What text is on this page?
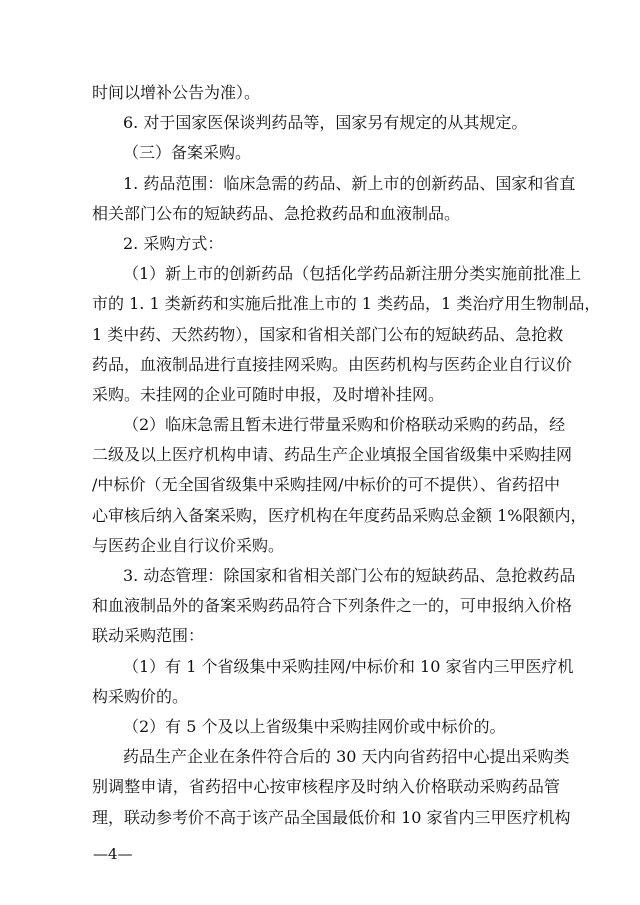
时间以增补公告为准）。
6. 对于国家医保谈判药品等，国家另有规定的从其规定。
（三）备案采购。
1. 药品范围：临床急需的药品、新上市的创新药品、国家和省直
相关部门公布的短缺药品、急抢救药品和血液制品。
2. 采购方式：
（1）新上市的创新药品（包括化学药品新注册分类实施前批准上
市的 1. 1 类新药和实施后批准上市的 1 类药品，1 类治疗用生物制品，
1 类中药、天然药物），国家和省相关部门公布的短缺药品、急抢救
药品，血液制品进行直接挂网采购。由医药机构与医药企业自行议价
采购。未挂网的企业可随时申报，及时增补挂网。
（2）临床急需且暂未进行带量采购和价格联动采购的药品，经
二级及以上医疗机构申请、药品生产企业填报全国省级集中采购挂网
/中标价（无全国省级集中采购挂网/中标价的可不提供）、省药招中
心审核后纳入备案采购，医疗机构在年度药品采购总金额 1%限额内，
与医药企业自行议价采购。
3. 动态管理：除国家和省相关部门公布的短缺药品、急抢救药品
和血液制品外的备案采购药品符合下列条件之一的，可申报纳入价格
联动采购范围：
（1）有 1 个省级集中采购挂网/中标价和 10 家省内三甲医疗机
构采购价的。
（2）有 5 个及以上省级集中采购挂网价或中标价的。
药品生产企业在条件符合后的 30 天内向省药招中心提出采购类
别调整申请，省药招中心按审核程序及时纳入价格联动采购药品管
理，联动参考价不高于该产品全国最低价和 10 家省内三甲医疗机构
—4—
